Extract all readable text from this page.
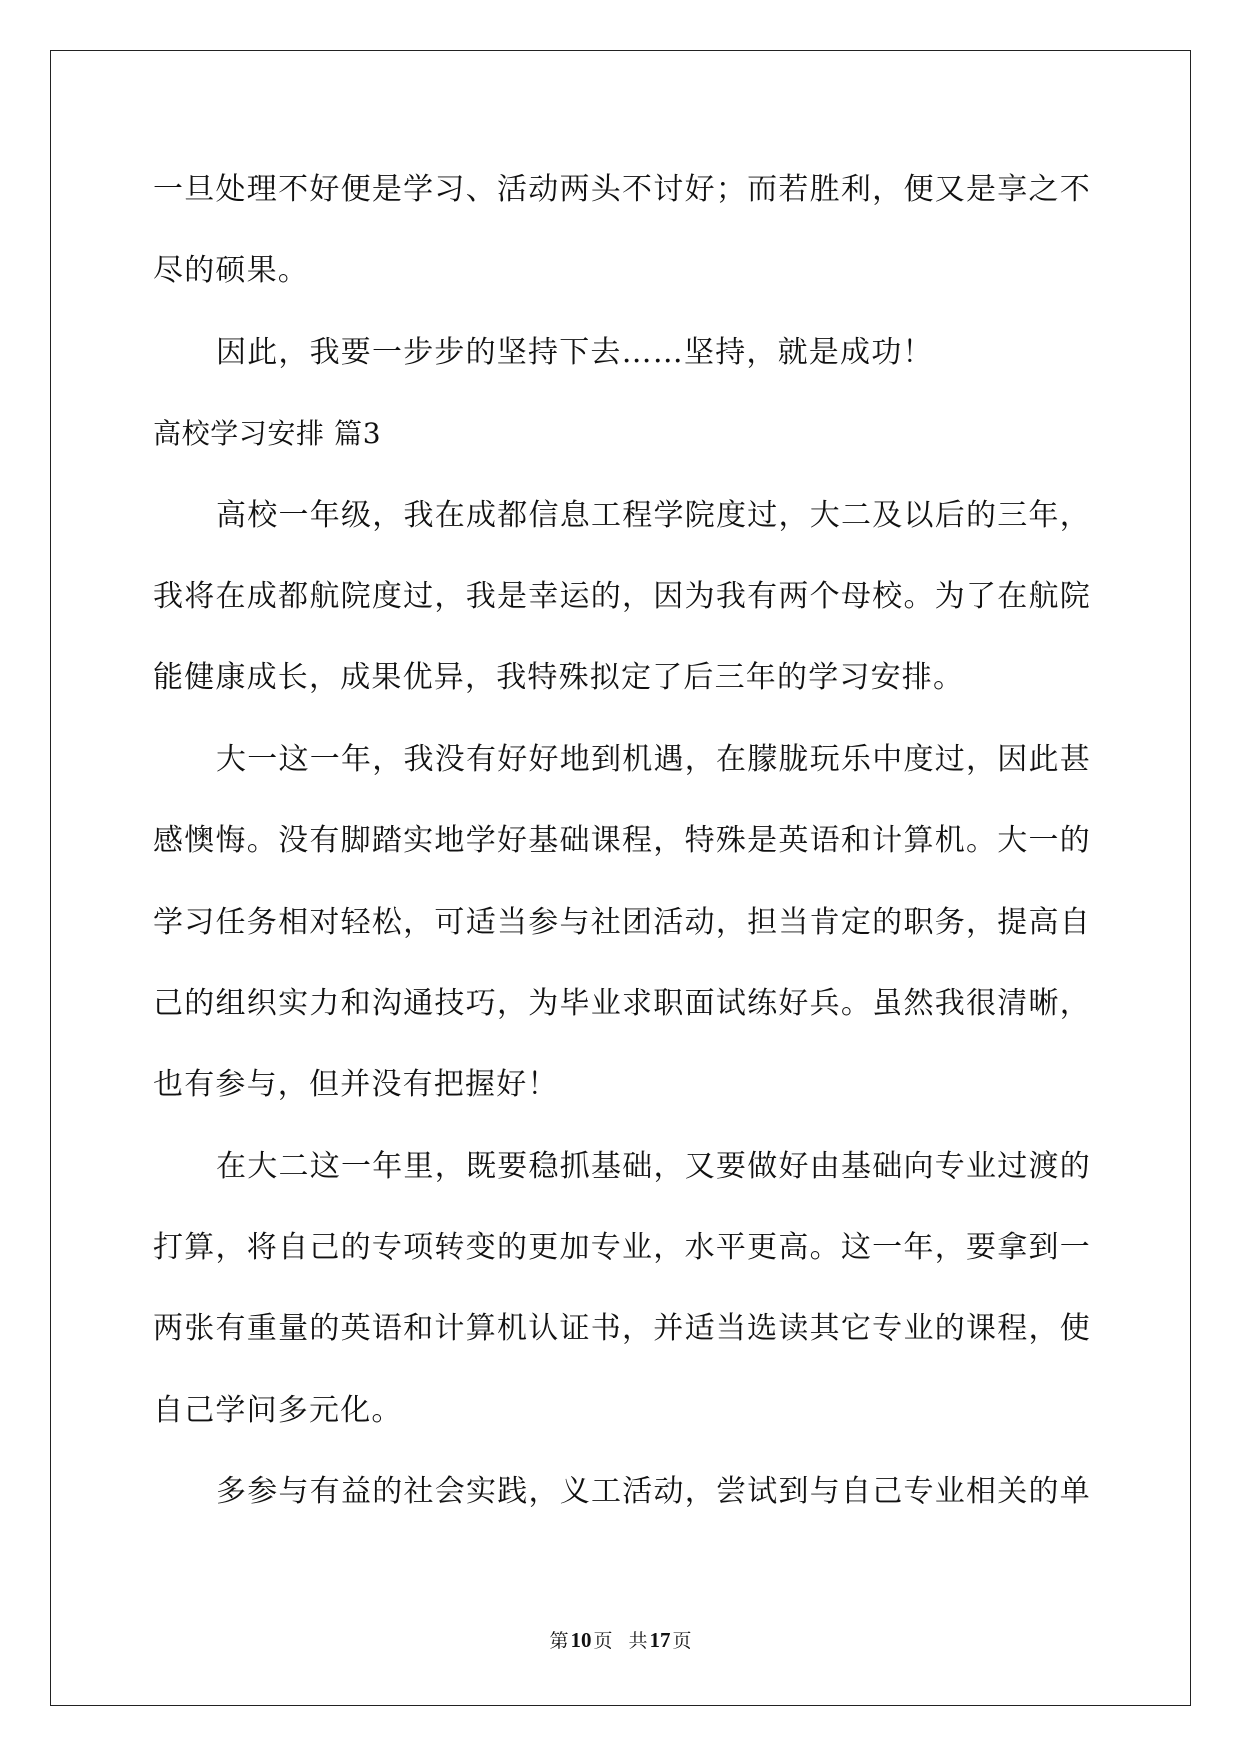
一旦处理不好便是学习、活动两头不讨好；而若胜利，便又是享之不
尽的硕果。
因此，我要一步步的坚持下去……坚持，就是成功！
高校学习安排 篇3
高校一年级，我在成都信息工程学院度过，大二及以后的三年，
我将在成都航院度过，我是幸运的，因为我有两个母校。为了在航院
能健康成长，成果优异，我特殊拟定了后三年的学习安排。
大一这一年，我没有好好地到机遇，在朦胧玩乐中度过，因此甚
感懊悔。没有脚踏实地学好基础课程，特殊是英语和计算机。大一的
学习任务相对轻松，可适当参与社团活动，担当肯定的职务，提高自
己的组织实力和沟通技巧，为毕业求职面试练好兵。虽然我很清晰，
也有参与，但并没有把握好！
在大二这一年里，既要稳抓基础，又要做好由基础向专业过渡的
打算，将自己的专项转变的更加专业，水平更高。这一年，要拿到一
两张有重量的英语和计算机认证书，并适当选读其它专业的课程，使
自己学问多元化。
多参与有益的社会实践，义工活动，尝试到与自己专业相关的单
第10 页 共17 页
